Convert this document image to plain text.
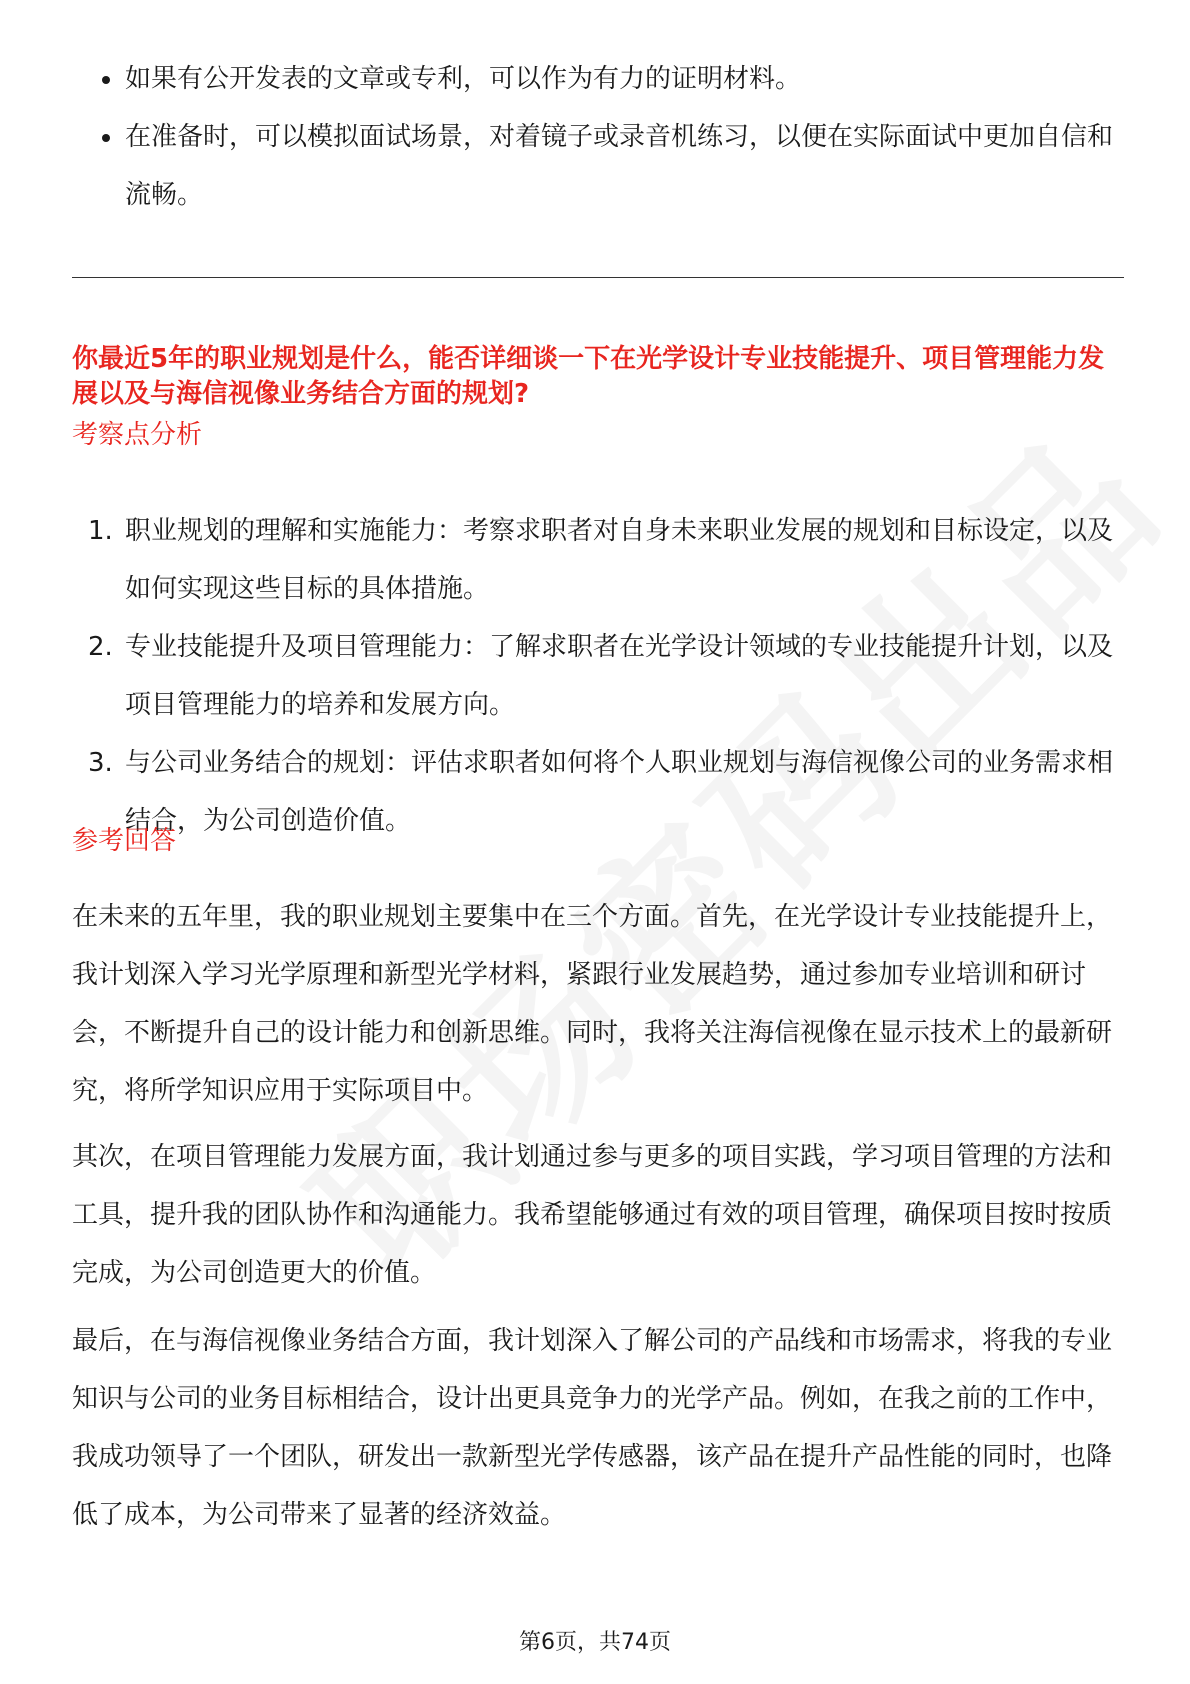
如果有公开发表的文章或专利，可以作为有力的证明材料。
在准备时，可以模拟面试场景，对着镜子或录音机练习，以便在实际面试中更加自信和流畅。
你最近5年的职业规划是什么，能否详细谈一下在光学设计专业技能提升、项目管理能力发展以及与海信视像业务结合方面的规划?
考察点分析
1. 职业规划的理解和实施能力：考察求职者对自身未来职业发展的规划和目标设定，以及如何实现这些目标的具体措施。
2. 专业技能提升及项目管理能力：了解求职者在光学设计领域的专业技能提升计划，以及项目管理能力的培养和发展方向。
3. 与公司业务结合的规划：评估求职者如何将个人职业规划与海信视像公司的业务需求相结合，为公司创造价值。
参考回答

在未来的五年里，我的职业规划主要集中在三个方面。首先，在光学设计专业技能提升上，我计划深入学习光学原理和新型光学材料，紧跟行业发展趋势，通过参加专业培训和研讨会，不断提升自己的设计能力和创新思维。同时，我将关注海信视像在显示技术上的最新研究，将所学知识应用于实际项目中。

其次，在项目管理能力发展方面，我计划通过参与更多的项目实践，学习项目管理的方法和工具，提升我的团队协作和沟通能力。我希望能够通过有效的项目管理，确保项目按时按质完成，为公司创造更大的价值。

最后，在与海信视像业务结合方面，我计划深入了解公司的产品线和市场需求，将我的专业知识与公司的业务目标相结合，设计出更具竞争力的光学产品。例如，在我之前的工作中，我成功领导了一个团队，研发出一款新型光学传感器，该产品在提升产品性能的同时，也降低了成本，为公司带来了显著的经济效益。

第6页，共74页
